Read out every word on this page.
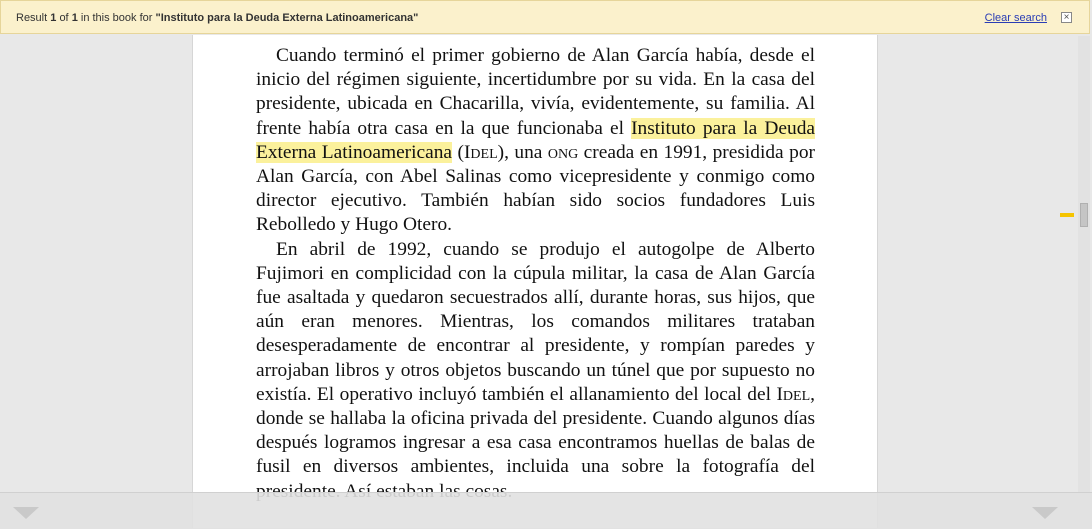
Result 1 of 1 in this book for "Instituto para la Deuda Externa Latinoamericana"	Clear search ×

Cuando terminó el primer gobierno de Alan García había, desde el inicio del régimen siguiente, incertidumbre por su vida. En la casa del presidente, ubicada en Chacarilla, vivía, evidentemente, su familia. Al frente había otra casa en la que funcionaba el Instituto para la Deuda Externa Latinoamericana (Idel), una ong creada en 1991, presidida por Alan García, con Abel Salinas como vicepresidente y conmigo como director ejecutivo. También habían sido socios fundadores Luis Rebolledo y Hugo Otero.

En abril de 1992, cuando se produjo el autogolpe de Alberto Fujimori en complicidad con la cúpula militar, la casa de Alan García fue asaltada y quedaron secuestrados allí, durante horas, sus hijos, que aún eran menores. Mientras, los comandos militares trataban desesperadamente de encontrar al presidente, y rompían paredes y arrojaban libros y otros objetos buscando un túnel que por supuesto no existía. El operativo incluyó también el allanamiento del local del Idel, donde se hallaba la oficina privada del presidente. Cuando algunos días después logramos ingresar a esa casa encontramos huellas de balas de fusil en diversos ambientes, incluida una sobre la fotografía del
